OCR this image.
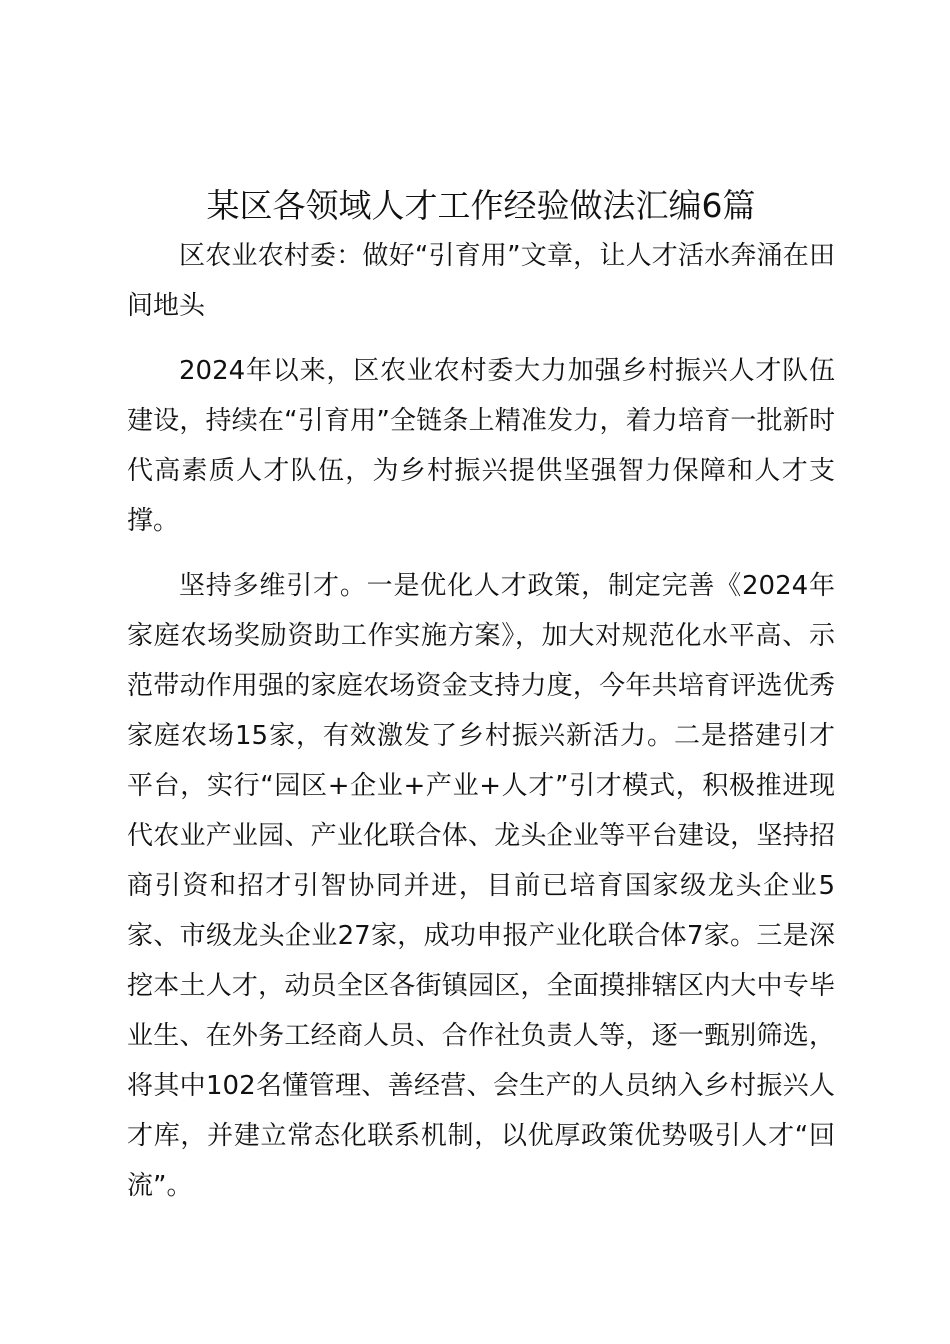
某区各领域人才工作经验做法汇编6篇

区农业农村委：做好“引育用”文章，让人才活水奔涌在田间地头

2024年以来，区农业农村委大力加强乡村振兴人才队伍建设，持续在“引育用”全链条上精准发力，着力培育一批新时代高素质人才队伍，为乡村振兴提供坚强智力保障和人才支撑。

坚持多维引才。一是优化人才政策，制定完善《2024年家庭农场奖励资助工作实施方案》，加大对规范化水平高、示范带动作用强的家庭农场资金支持力度，今年共培育评选优秀家庭农场15家，有效激发了乡村振兴新活力。二是搭建引才平台，实行“园区+企业+产业+人才”引才模式，积极推进现代农业产业园、产业化联合体、龙头企业等平台建设，坚持招商引资和招才引智协同并进，目前已培育国家级龙头企业5家、市级龙头企业27家，成功申报产业化联合体7家。三是深挖本土人才，动员全区各街镇园区，全面摸排辖区内大中专毕业生、在外务工经商人员、合作社负责人等，逐一甄别筛选，将其中102名懂管理、善经营、会生产的人员纳入乡村振兴人才库，并建立常态化联系机制，以优厚政策优势吸引人才“回流”。
